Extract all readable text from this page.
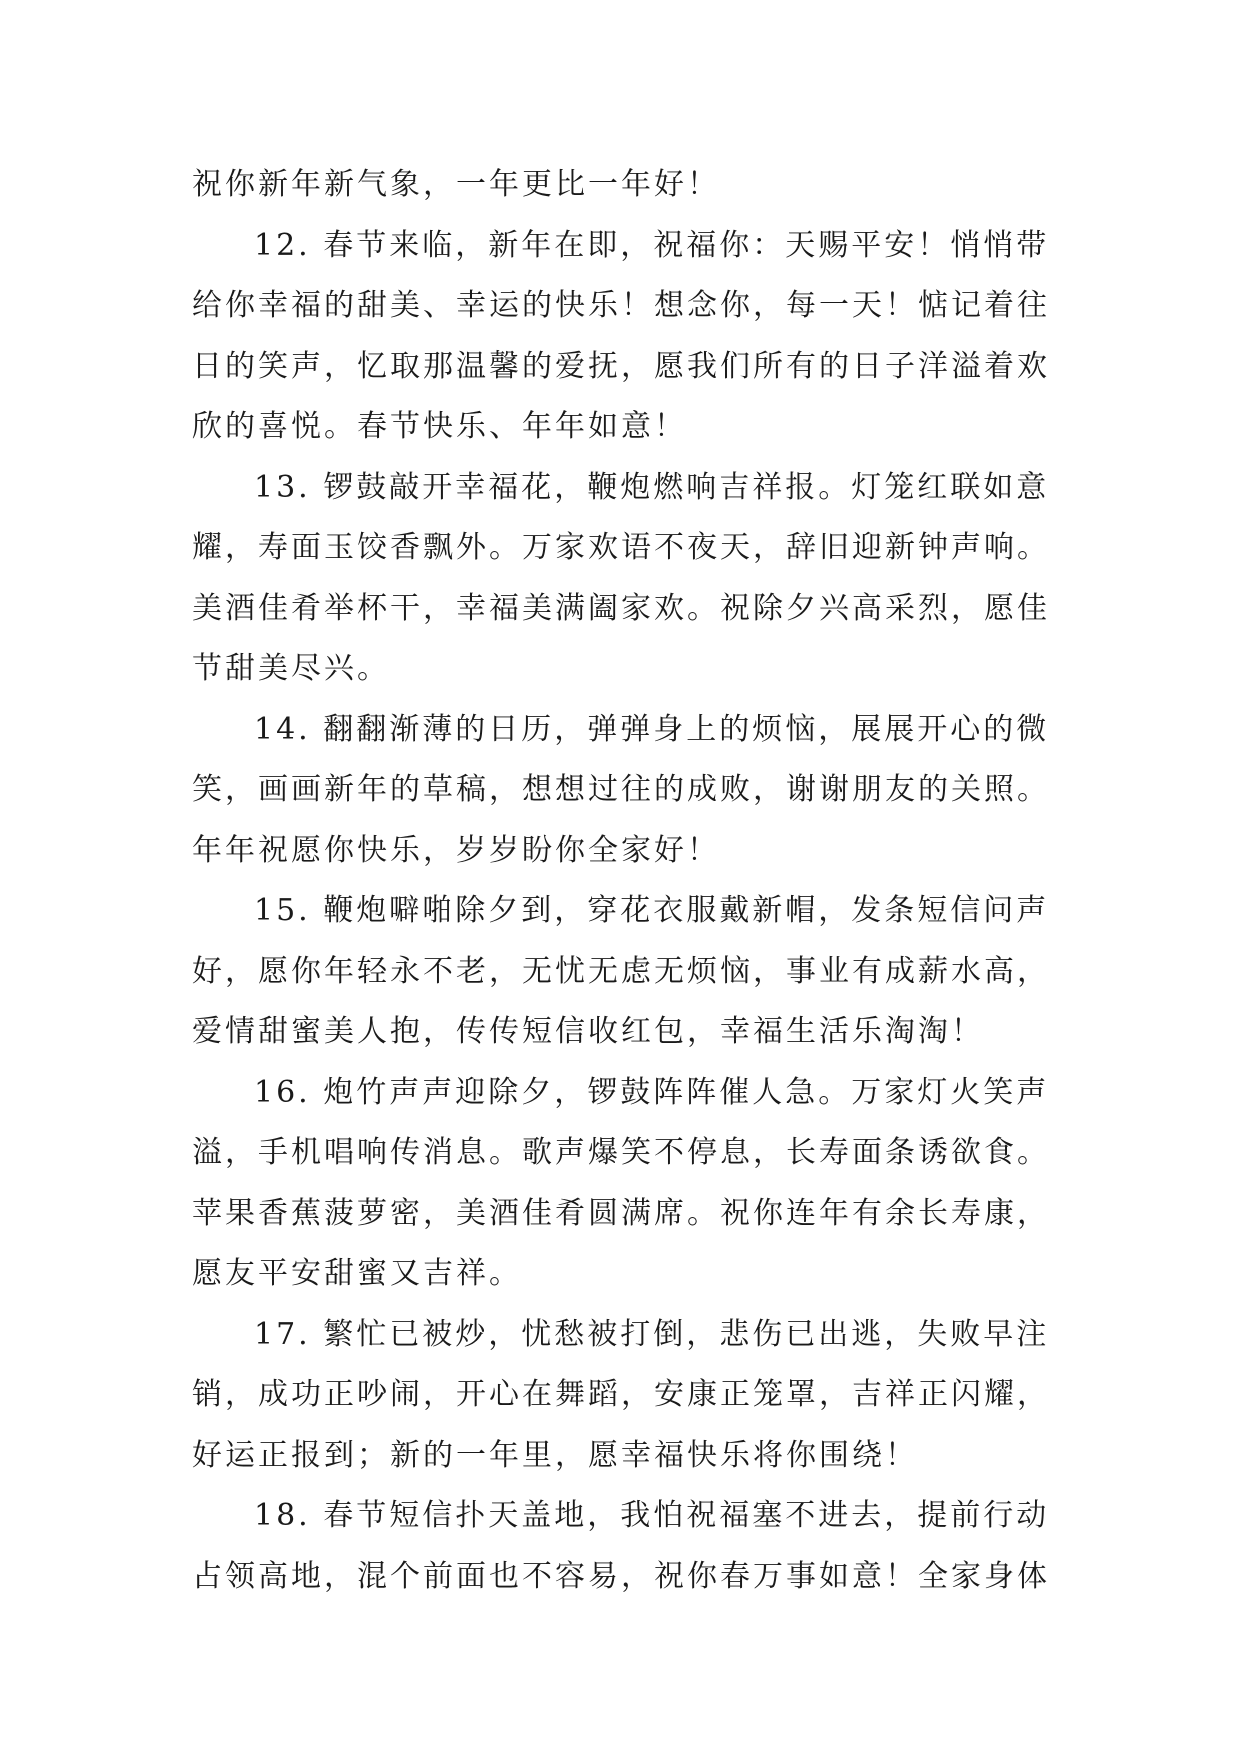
祝你新年新气象，一年更比一年好！
12. 春节来临，新年在即，祝福你：天赐平安！悄悄带
给你幸福的甜美、幸运的快乐！想念你，每一天！惦记着往
日的笑声，忆取那温馨的爱抚，愿我们所有的日子洋溢着欢
欣的喜悦。春节快乐、年年如意！
13. 锣鼓敲开幸福花，鞭炮燃响吉祥报。灯笼红联如意
耀，寿面玉饺香飘外。万家欢语不夜天，辞旧迎新钟声响。
美酒佳肴举杯干，幸福美满阖家欢。祝除夕兴高采烈，愿佳
节甜美尽兴。
14. 翻翻渐薄的日历，弹弹身上的烦恼，展展开心的微
笑，画画新年的草稿，想想过往的成败，谢谢朋友的关照。
年年祝愿你快乐，岁岁盼你全家好！
15. 鞭炮噼啪除夕到，穿花衣服戴新帽，发条短信问声
好，愿你年轻永不老，无忧无虑无烦恼，事业有成薪水高，
爱情甜蜜美人抱，传传短信收红包，幸福生活乐淘淘！
16. 炮竹声声迎除夕，锣鼓阵阵催人急。万家灯火笑声
溢，手机唱响传消息。歌声爆笑不停息，长寿面条诱欲食。
苹果香蕉菠萝密，美酒佳肴圆满席。祝你连年有余长寿康，
愿友平安甜蜜又吉祥。
17. 繁忙已被炒，忧愁被打倒，悲伤已出逃，失败早注
销，成功正吵闹，开心在舞蹈，安康正笼罩，吉祥正闪耀，
好运正报到；新的一年里，愿幸福快乐将你围绕！
18. 春节短信扑天盖地，我怕祝福塞不进去，提前行动
占领高地，混个前面也不容易，祝你春万事如意！全家身体
